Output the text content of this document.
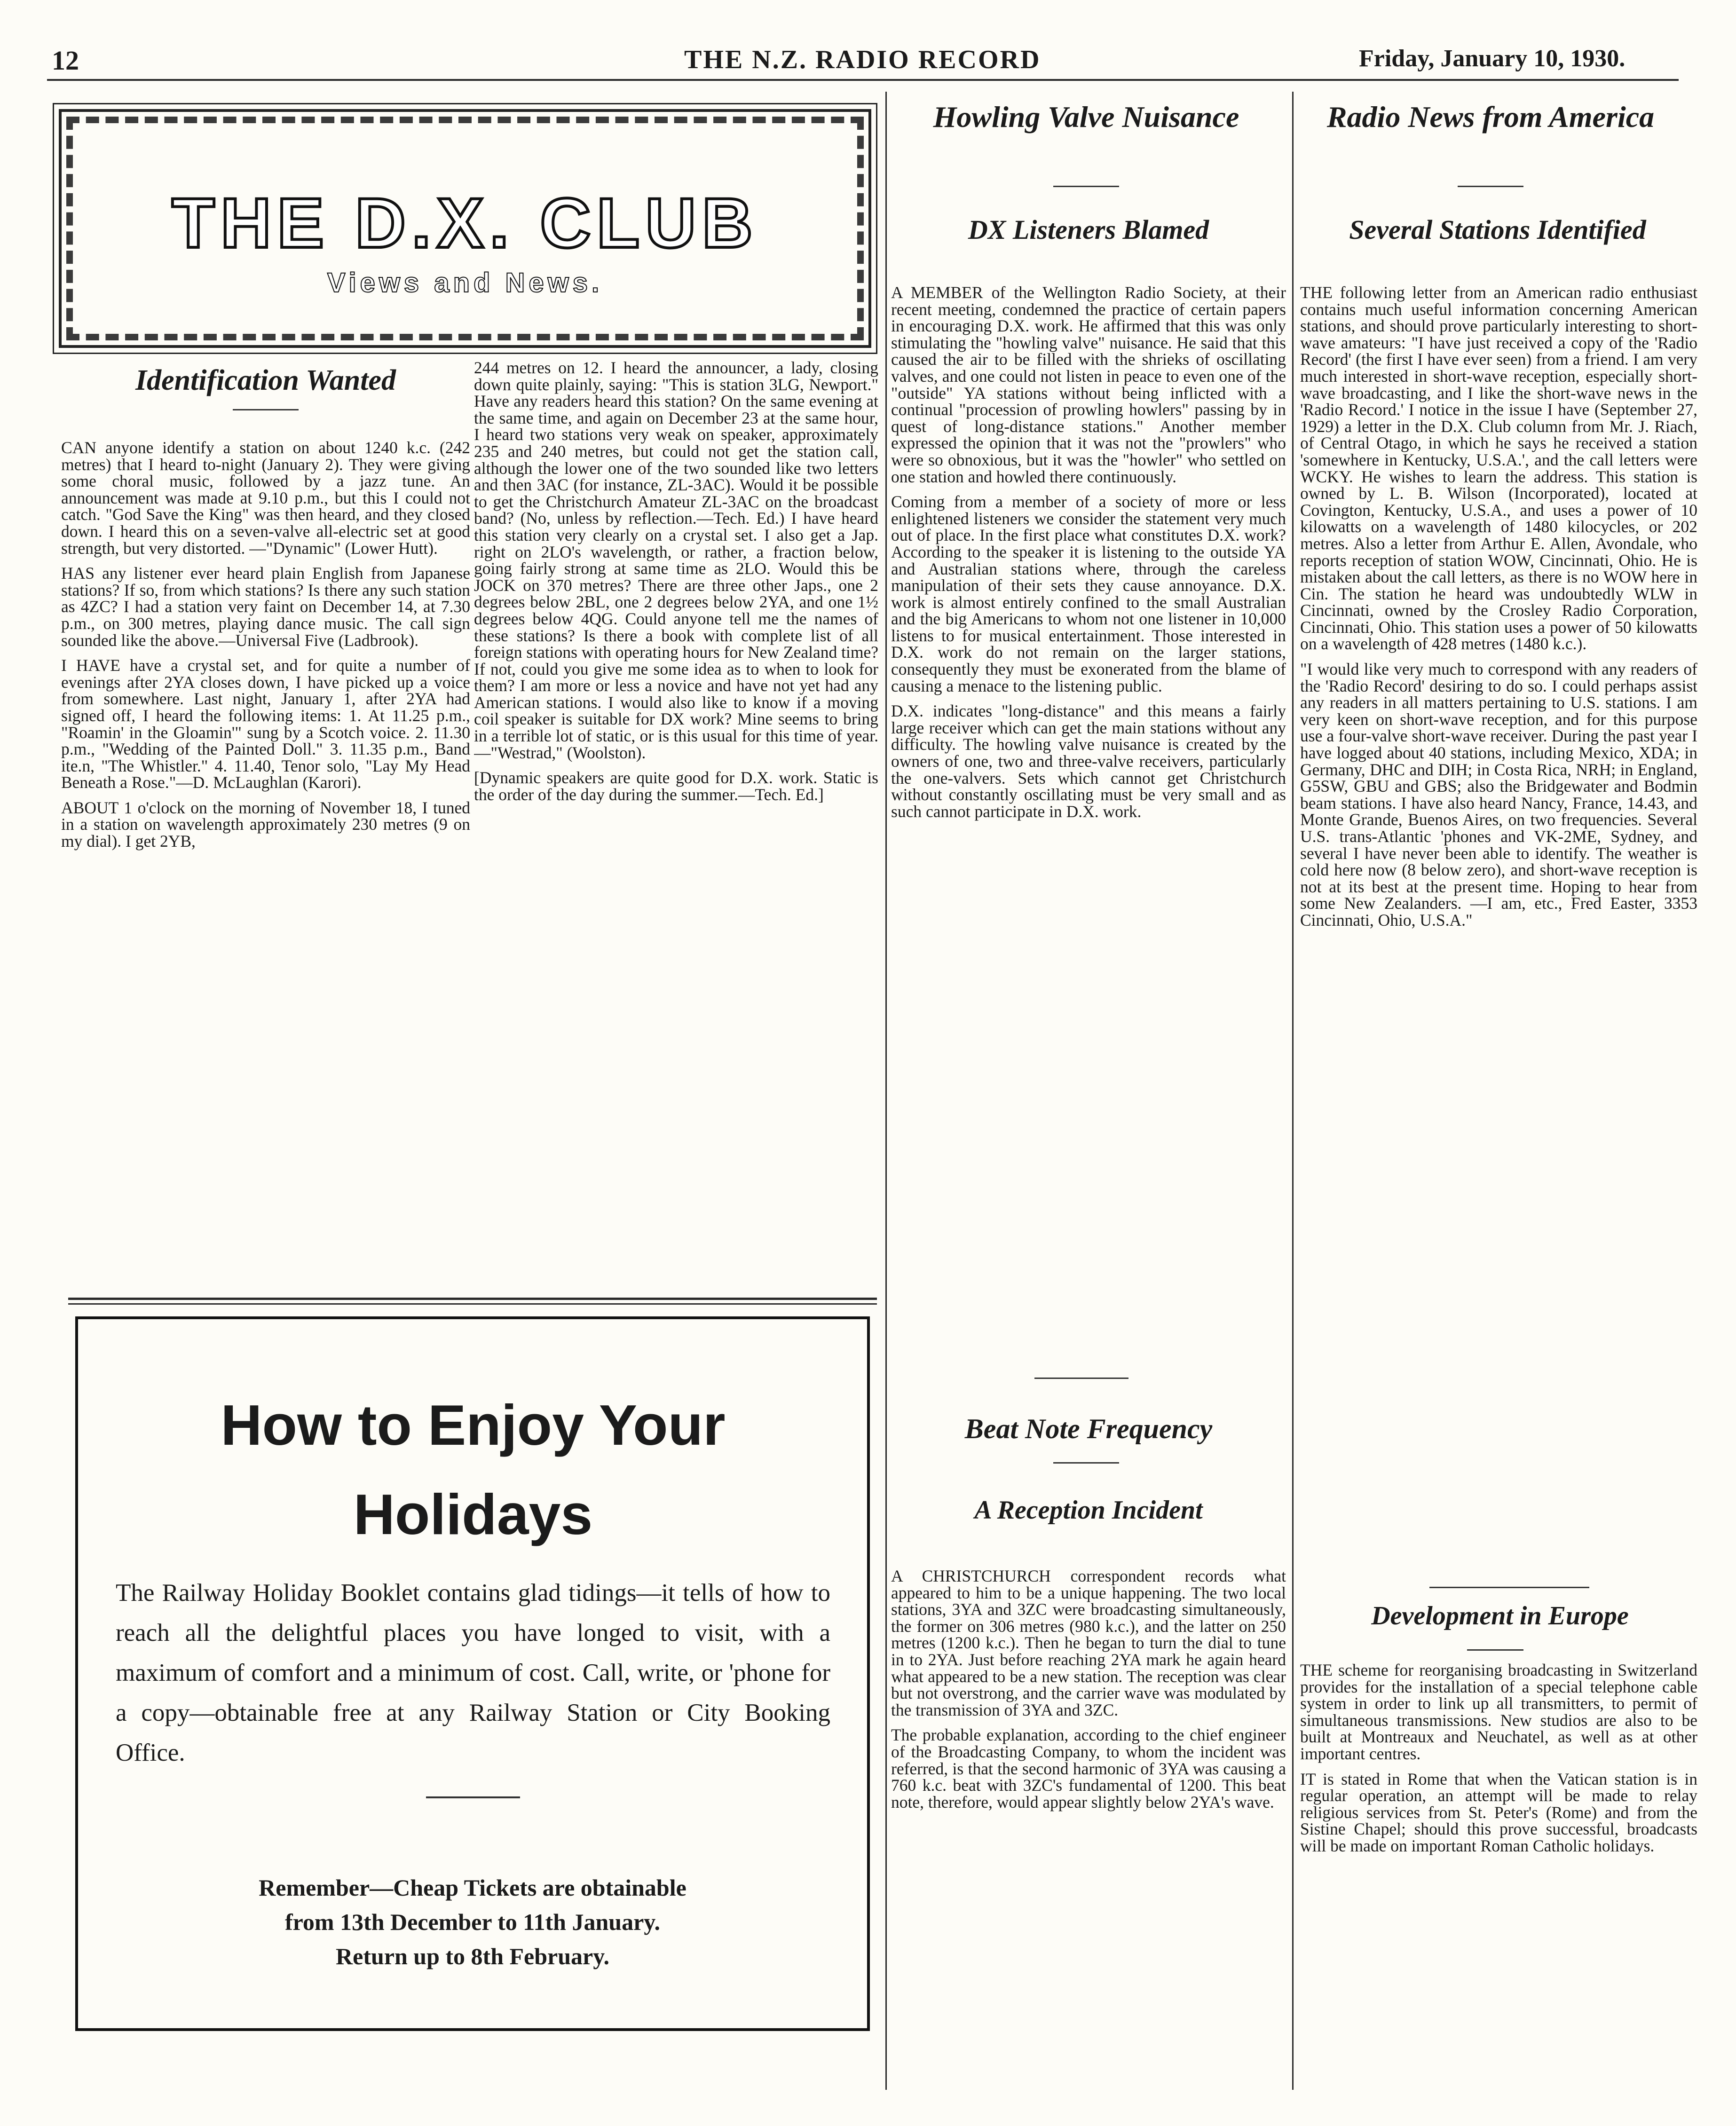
12	THE N.Z. RADIO RECORD	Friday, January 10, 1930.
THE D.X. CLUB
Views and News.
Identification Wanted

CAN anyone identify a station on about 1240 k.c. (242 metres) that I heard to-night (January 2). They were giving some choral music, followed by a jazz tune. An announcement was made at 9.10 p.m., but this I could not catch. "God Save the King" was then heard, and they closed down. I heard this on a seven-valve all-electric set at good strength, but very distorted. —"Dynamic" (Lower Hutt).

HAS any listener ever heard plain English from Japanese stations? If so, from which stations? Is there any such station as 4ZC? I had a station very faint on December 14, at 7.30 p.m., on 300 metres, playing dance music. The call sign sounded like the above.—Universal Five (Ladbrook).

I HAVE have a crystal set, and for quite a number of evenings after 2YA closes down, I have picked up a voice from somewhere. Last night, January 1, after 2YA had signed off, I heard the following items: 1. At 11.25 p.m., "Roamin' in the Gloamin'" sung by a Scotch voice. 2. 11.30 p.m., "Wedding of the Painted Doll." 3. 11.35 p.m., Band ite.n, "The Whistler." 4. 11.40, Tenor solo, "Lay My Head Beneath a Rose."—D. McLaughlan (Karori).

ABOUT 1 o'clock on the morning of November 18, I tuned in a station on wavelength approximately 230 metres (9 on my dial). I get 2YB,

244 metres on 12. I heard the announcer, a lady, closing down quite plainly, saying: "This is station 3LG, Newport." Have any readers heard this station? On the same evening at the same time, and again on December 23 at the same hour, I heard two stations very weak on speaker, approximately 235 and 240 metres, but could not get the station call, although the lower one of the two sounded like two letters and then 3AC (for instance, ZL-3AC). Would it be possible to get the Christchurch Amateur ZL-3AC on the broadcast band? (No, unless by reflection.—Tech. Ed.) I have heard this station very clearly on a crystal set. I also get a Jap. right on 2LO's wavelength, or rather, a fraction below, going fairly strong at same time as 2LO. Would this be JOCK on 370 metres? There are three other Japs., one 2 degrees below 2BL, one 2 degrees below 2YA, and one 1½ degrees below 4QG. Could anyone tell me the names of these stations? Is there a book with complete list of all foreign stations with operating hours for New Zealand time? If not, could you give me some idea as to when to look for them? I am more or less a novice and have not yet had any American stations. I would also like to know if a moving coil speaker is suitable for DX work? Mine seems to bring in a terrible lot of static, or is this usual for this time of year.—"Westrad," (Woolston).

[Dynamic speakers are quite good for D.X. work. Static is the order of the day during the summer.—Tech. Ed.]

How to Enjoy Your Holidays
The Railway Holiday Booklet contains glad tidings—it tells of how to reach all the delightful places you have longed to visit, with a maximum of comfort and a minimum of cost. Call, write, or 'phone for a copy—obtainable free at any Railway Station or City Booking Office.
Remember—Cheap Tickets are obtainable
from 13th December to 11th January.
Return up to 8th February.
Howling Valve Nuisance
DX Listeners Blamed

A MEMBER of the Wellington Radio Society, at their recent meeting, condemned the practice of certain papers in encouraging D.X. work. He affirmed that this was only stimulating the "howling valve" nuisance. He said that this caused the air to be filled with the shrieks of oscillating valves, and one could not listen in peace to even one of the "outside" YA stations without being inflicted with a continual "procession of prowling howlers" passing by in quest of long-distance stations." Another member expressed the opinion that it was not the "prowlers" who were so obnoxious, but it was the "howler" who settled on one station and howled there continuously.

Coming from a member of a society of more or less enlightened listeners we consider the statement very much out of place. In the first place what constitutes D.X. work? According to the speaker it is listening to the outside YA and Australian stations where, through the careless manipulation of their sets they cause annoyance. D.X. work is almost entirely confined to the small Australian and the big Americans to whom not one listener in 10,000 listens to for musical entertainment. Those interested in D.X. work do not remain on the larger stations, consequently they must be exonerated from the blame of causing a menace to the listening public.

D.X. indicates "long-distance" and this means a fairly large receiver which can get the main stations without any difficulty. The howling valve nuisance is created by the owners of one, two and three-valve receivers, particularly the one-valvers. Sets which cannot get Christchurch without constantly oscillating must be very small and as such cannot participate in D.X. work.

Beat Note Frequency
A Reception Incident

A CHRISTCHURCH correspondent records what appeared to him to be a unique happening. The two local stations, 3YA and 3ZC were broadcasting simultaneously, the former on 306 metres (980 k.c.), and the latter on 250 metres (1200 k.c.). Then he began to turn the dial to tune in to 2YA. Just before reaching 2YA mark he again heard what appeared to be a new station. The reception was clear but not overstrong, and the carrier wave was modulated by the transmission of 3YA and 3ZC.

The probable explanation, according to the chief engineer of the Broadcasting Company, to whom the incident was referred, is that the second harmonic of 3YA was causing a 760 k.c. beat with 3ZC's fundamental of 1200. This beat note, therefore, would appear slightly below 2YA's wave.

Radio News from America
Several Stations Identified

THE following letter from an American radio enthusiast contains much useful information concerning American stations, and should prove particularly interesting to short-wave amateurs: "I have just received a copy of the 'Radio Record' (the first I have ever seen) from a friend. I am very much interested in short-wave reception, especially short-wave broadcasting, and I like the short-wave news in the 'Radio Record.' I notice in the issue I have (September 27, 1929) a letter in the D.X. Club column from Mr. J. Riach, of Central Otago, in which he says he received a station 'somewhere in Kentucky, U.S.A.', and the call letters were WCKY. He wishes to learn the address. This station is owned by L. B. Wilson (Incorporated), located at Covington, Kentucky, U.S.A., and uses a power of 10 kilowatts on a wavelength of 1480 kilocycles, or 202 metres. Also a letter from Arthur E. Allen, Avondale, who reports reception of station WOW, Cincinnati, Ohio. He is mistaken about the call letters, as there is no WOW here in Cin. The station he heard was undoubtedly WLW in Cincinnati, owned by the Crosley Radio Corporation, Cincinnati, Ohio. This station uses a power of 50 kilowatts on a wavelength of 428 metres (1480 k.c.).

"I would like very much to correspond with any readers of the 'Radio Record' desiring to do so. I could perhaps assist any readers in all matters pertaining to U.S. stations. I am very keen on short-wave reception, and for this purpose use a four-valve short-wave receiver. During the past year I have logged about 40 stations, including Mexico, XDA; in Germany, DHC and DIH; in Costa Rica, NRH; in England, G5SW, GBU and GBS; also the Bridgewater and Bodmin beam stations. I have also heard Nancy, France, 14.43, and Monte Grande, Buenos Aires, on two frequencies. Several U.S. trans-Atlantic 'phones and VK-2ME, Sydney, and several I have never been able to identify. The weather is cold here now (8 below zero), and short-wave reception is not at its best at the present time. Hoping to hear from some New Zealanders. —I am, etc., Fred Easter, 3353 Cincinnati, Ohio, U.S.A."

Development in Europe

THE scheme for reorganising broadcasting in Switzerland provides for the installation of a special telephone cable system in order to link up all transmitters, to permit of simultaneous transmissions. New studios are also to be built at Montreaux and Neuchatel, as well as at other important centres.

IT is stated in Rome that when the Vatican station is in regular operation, an attempt will be made to relay religious services from St. Peter's (Rome) and from the Sistine Chapel; should this prove successful, broadcasts will be made on important Roman Catholic holidays.
